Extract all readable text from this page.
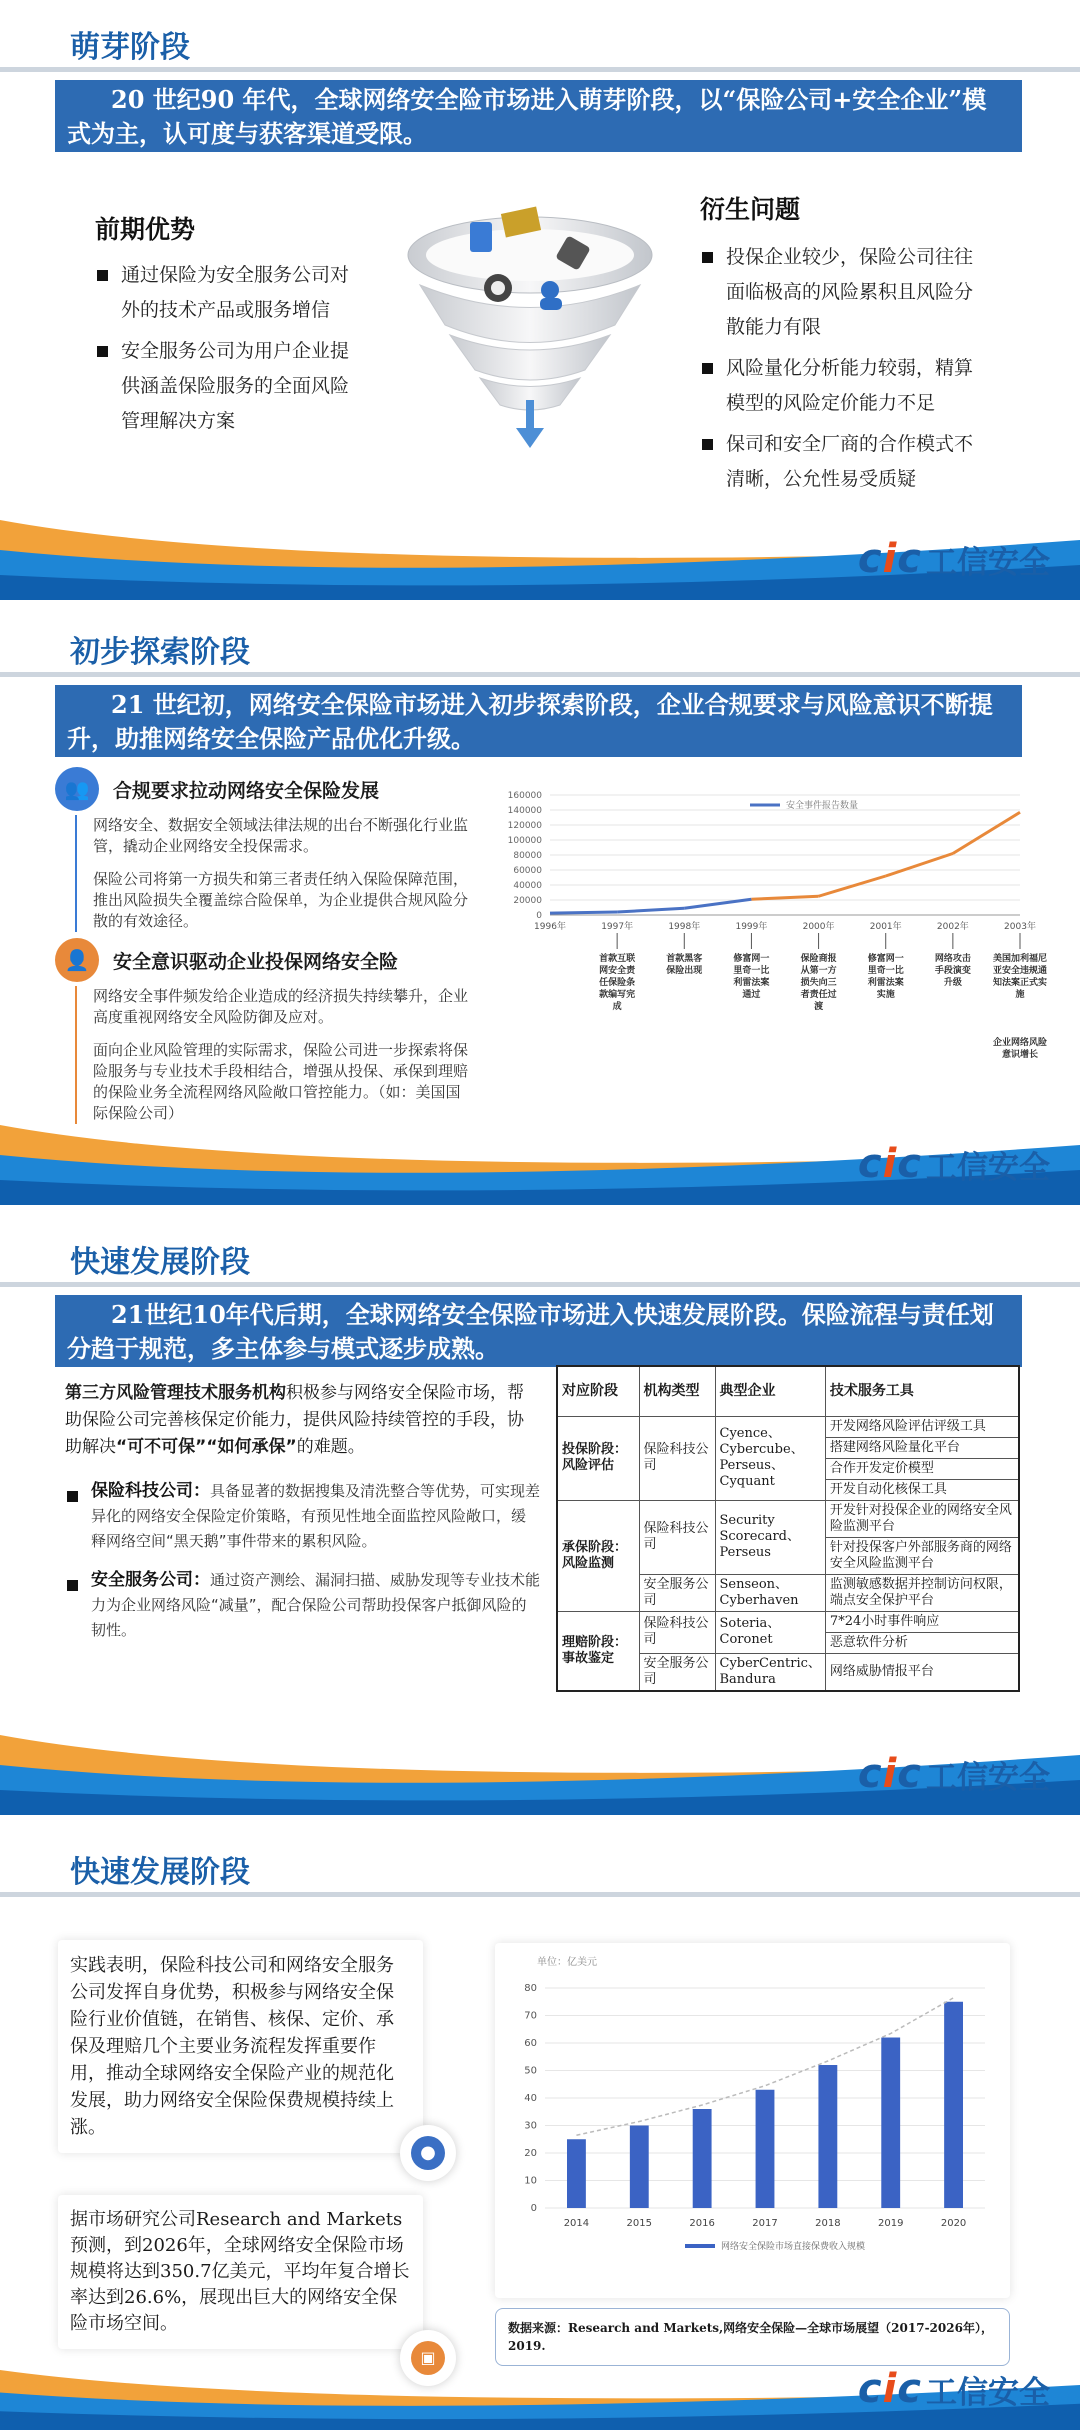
萌芽阶段
20 世纪90 年代，全球网络安全险市场进入萌芽阶段，以“保险公司+安全企业”模式为主，认可度与获客渠道受限。
前期优势
通过保险为安全服务公司对外的技术产品或服务增信
安全服务公司为用户企业提供涵盖保险服务的全面风险管理解决方案
衍生问题
投保企业较少，保险公司往往面临极高的风险累积且风险分散能力有限
风险量化分析能力较弱，精算模型的风险定价能力不足
保司和安全厂商的合作模式不清晰，公允性易受质疑
cic 工信安全
初步探索阶段
21 世纪初，网络安全保险市场进入初步探索阶段，企业合规要求与风险意识不断提升，助推网络安全保险产品优化升级。
👥	合规要求拉动网络安全保险发展

网络安全、数据安全领域法律法规的出台不断强化行业监管，撬动企业网络安全投保需求。

保险公司将第一方损失和第三者责任纳入保险保障范围，推出风险损失全覆盖综合险保单，为企业提供合规风险分散的有效途径。

👤	安全意识驱动企业投保网络安全险

网络安全事件频发给企业造成的经济损失持续攀升，企业高度重视网络安全风险防御及应对。

面向企业风险管理的实际需求，保险公司进一步探索将保险服务与专业技术手段相结合，增强从投保、承保到理赔的保险业务全流程网络风险敞口管控能力。（如：美国国际保险公司）

0
20000
40000
60000
80000
100000
120000
140000
160000
安全事件报告数量
1996年	1997年
首款互联
网安全责
任保险条
款编写完
成
1998年
首款黑客
保险出现
1999年
修富网一
里奇一比
利雷法案
通过
2000年
保险商报
从第一方
损失向三
者责任过
渡
2001年
修富网一
里奇一比
利雷法案
实施
2002年
网络攻击
手段演变
升级
2003年
美国加利福尼
亚安全违规通
知法案正式实
施
企业网络风险
意识增长
cic 工信安全
快速发展阶段
21世纪10年代后期，全球网络安全保险市场进入快速发展阶段。保险流程与责任划分趋于规范，多主体参与模式逐步成熟。

第三方风险管理技术服务机构积极参与网络安全保险市场，帮助保险公司完善核保定价能力，提供风险持续管控的手段，协助解决“可不可保”“如何承保”的难题。

保险科技公司：具备显著的数据搜集及清洗整合等优势，可实现差异化的网络安全保险定价策略，有预见性地全面监控风险敞口，缓释网络空间“黑天鹅”事件带来的累积风险。
安全服务公司：通过资产测绘、漏洞扫描、威胁发现等专业技术能力为企业网络风险“减量”，配合保险公司帮助投保客户抵御风险的韧性。
对应阶段	机构类型	典型企业	技术服务工具
投保阶段：风险评估	保险科技公司	Cyence、Cybercube、Perseus、Cyquant	开发网络风险评估评级工具
			搭建网络风险量化平台
			合作开发定价模型
			开发自动化核保工具
承保阶段：风险监测	保险科技公司	Security Scorecard、Perseus	开发针对投保企业的网络安全风险监测平台
			针对投保客户外部服务商的网络安全风险监测平台
	安全服务公司	Senseon、Cyberhaven	监测敏感数据并控制访问权限，端点安全保护平台
理赔阶段：事故鉴定	保险科技公司	Soteria、Coronet	7*24小时事件响应
			恶意软件分析
	安全服务公司	CyberCentric、Bandura	网络威胁情报平台
cic 工信安全
快速发展阶段

实践表明，保险科技公司和网络安全服务公司发挥自身优势，积极参与网络安全保险行业价值链，在销售、核保、定价、承保及理赔几个主要业务流程发挥重要作用，推动全球网络安全保险产业的规范化发展，助力网络安全保险保费规模持续上涨。

●

据市场研究公司Research and Markets预测，到2026年，全球网络安全保险市场规模将达到350.7亿美元，平均年复合增长率达到26.6%，展现出巨大的网络安全保险市场空间。

▣
单位：亿美元
0
10
20
30
40
50
60
70
80
2014	2015	2016	2017	2018	2019	2020
网络安全保险市场直接保费收入规模
数据来源：Research and Markets,网络安全保险—全球市场展望（2017-2026年），2019.
cic 工信安全
